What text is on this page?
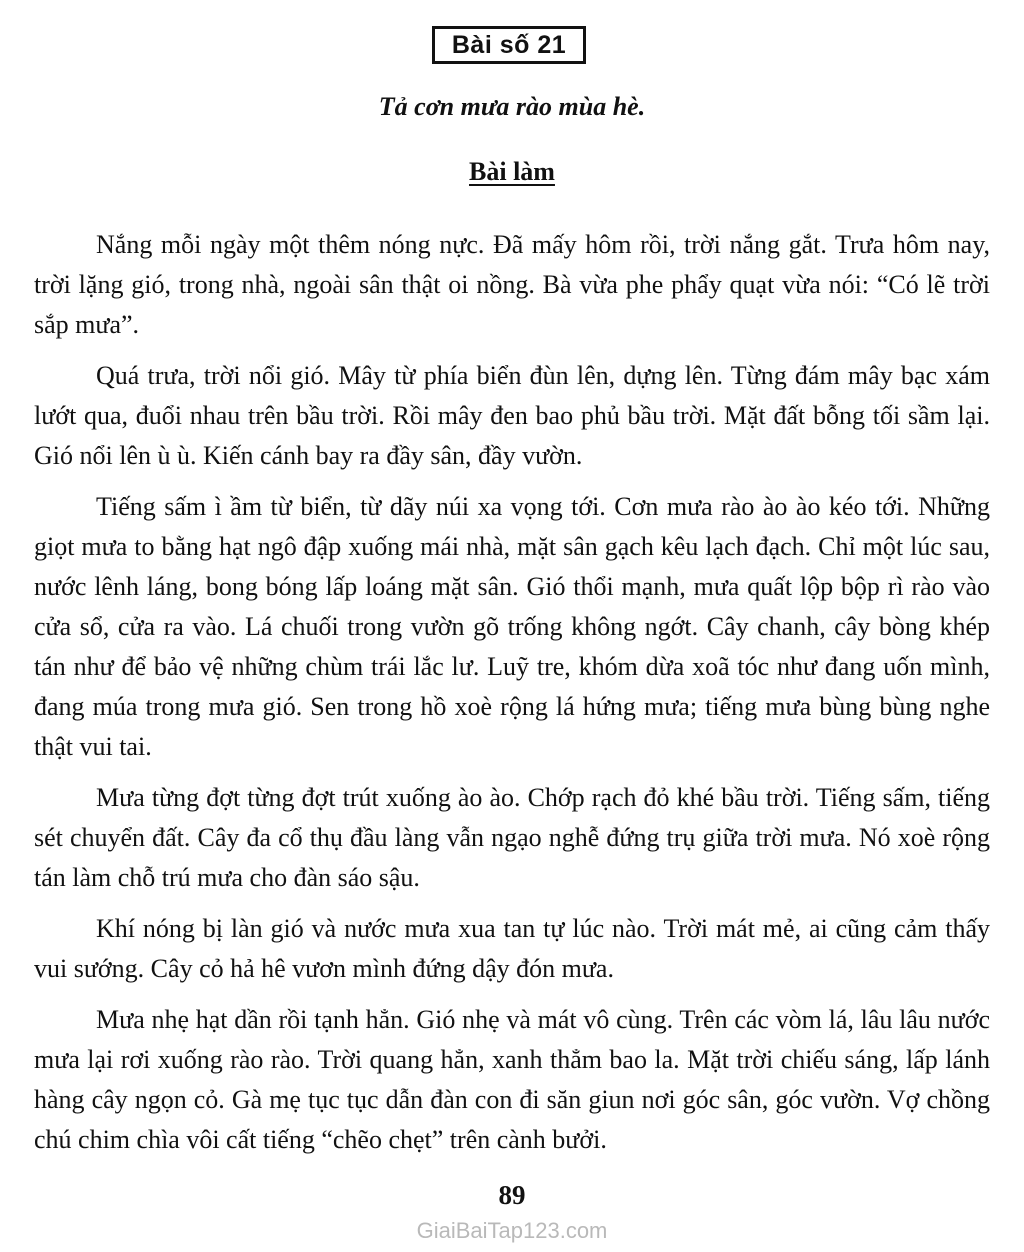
Bài số 21
Tả cơn mưa rào mùa hè.
Bài làm

Nắng mỗi ngày một thêm nóng nực. Đã mấy hôm rồi, trời nắng gắt. Trưa hôm nay, trời lặng gió, trong nhà, ngoài sân thật oi nồng. Bà vừa phe phẩy quạt vừa nói: “Có lẽ trời sắp mưa”.

Quá trưa, trời nổi gió. Mây từ phía biển đùn lên, dựng lên. Từng đám mây bạc xám lướt qua, đuổi nhau trên bầu trời. Rồi mây đen bao phủ bầu trời. Mặt đất bỗng tối sầm lại. Gió nổi lên ù ù. Kiến cánh bay ra đầy sân, đầy vườn.

Tiếng sấm ì ầm từ biển, từ dãy núi xa vọng tới. Cơn mưa rào ào ào kéo tới. Những giọt mưa to bằng hạt ngô đập xuống mái nhà, mặt sân gạch kêu lạch đạch. Chỉ một lúc sau, nước lênh láng, bong bóng lấp loáng mặt sân. Gió thổi mạnh, mưa quất lộp bộp rì rào vào cửa sổ, cửa ra vào. Lá chuối trong vườn gõ trống không ngớt. Cây chanh, cây bòng khép tán như để bảo vệ những chùm trái lắc lư. Luỹ tre, khóm dừa xoã tóc như đang uốn mình, đang múa trong mưa gió. Sen trong hồ xoè rộng lá hứng mưa; tiếng mưa bùng bùng nghe thật vui tai.

Mưa từng đợt từng đợt trút xuống ào ào. Chớp rạch đỏ khé bầu trời. Tiếng sấm, tiếng sét chuyển đất. Cây đa cổ thụ đầu làng vẫn ngạo nghễ đứng trụ giữa trời mưa. Nó xoè rộng tán làm chỗ trú mưa cho đàn sáo sậu.

Khí nóng bị làn gió và nước mưa xua tan tự lúc nào. Trời mát mẻ, ai cũng cảm thấy vui sướng. Cây cỏ hả hê vươn mình đứng dậy đón mưa.

Mưa nhẹ hạt dần rồi tạnh hẳn. Gió nhẹ và mát vô cùng. Trên các vòm lá, lâu lâu nước mưa lại rơi xuống rào rào. Trời quang hẳn, xanh thẳm bao la. Mặt trời chiếu sáng, lấp lánh hàng cây ngọn cỏ. Gà mẹ tục tục dẫn đàn con đi săn giun nơi góc sân, góc vườn. Vợ chồng chú chim chìa vôi cất tiếng “chẽo chẹt” trên cành bưởi.

89
GiaiBaiTap123.com
